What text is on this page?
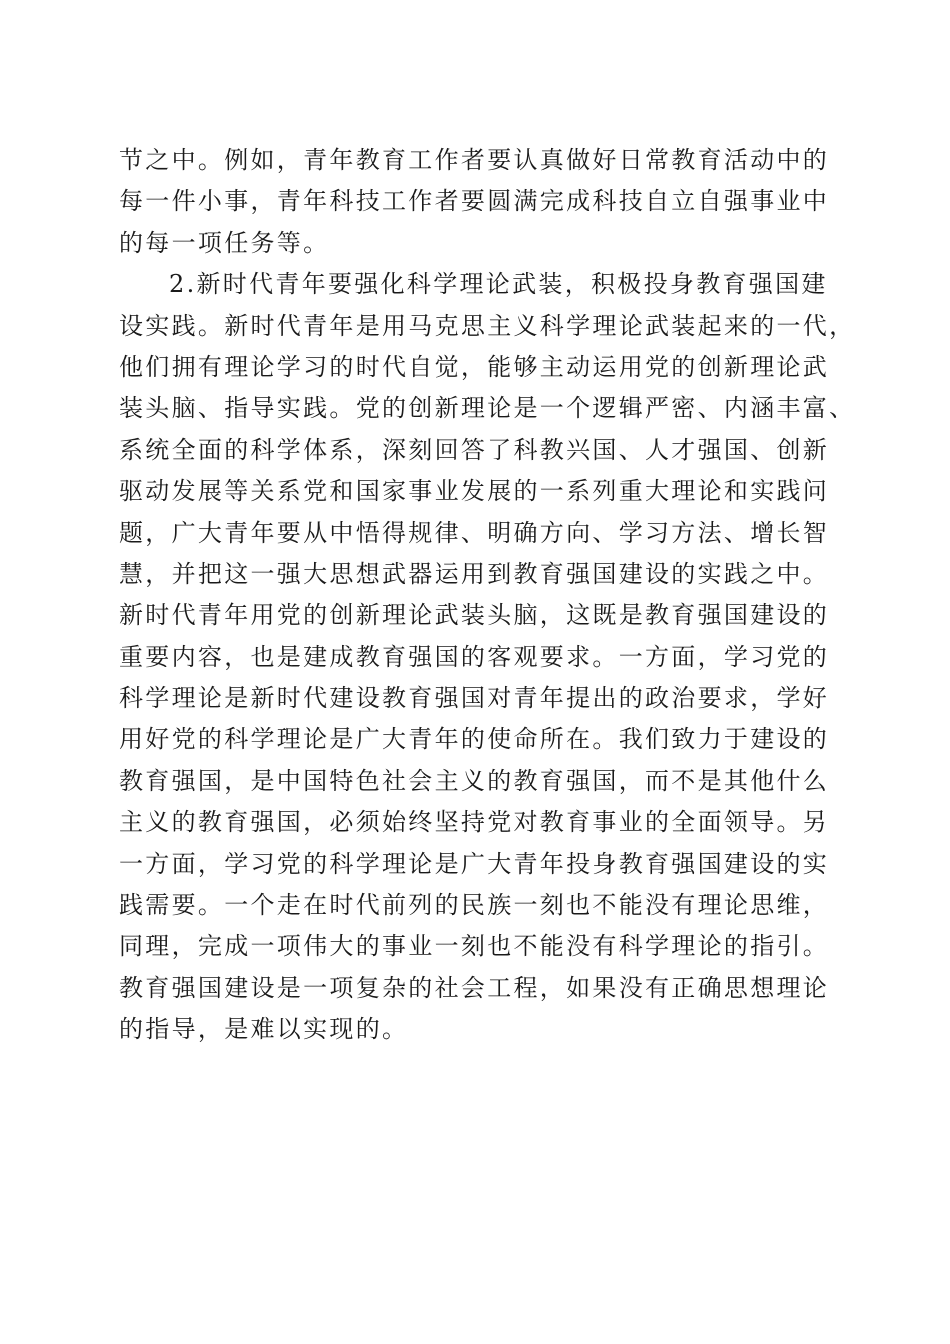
节之中。例如，青年教育工作者要认真做好日常教育活动中的
每一件小事，青年科技工作者要圆满完成科技自立自强事业中
的每一项任务等。
2.新时代青年要强化科学理论武装，积极投身教育强国建
设实践。新时代青年是用马克思主义科学理论武装起来的一代，
他们拥有理论学习的时代自觉，能够主动运用党的创新理论武
装头脑、指导实践。党的创新理论是一个逻辑严密、内涵丰富、
系统全面的科学体系，深刻回答了科教兴国、人才强国、创新
驱动发展等关系党和国家事业发展的一系列重大理论和实践问
题，广大青年要从中悟得规律、明确方向、学习方法、增长智
慧，并把这一强大思想武器运用到教育强国建设的实践之中。
新时代青年用党的创新理论武装头脑，这既是教育强国建设的
重要内容，也是建成教育强国的客观要求。一方面，学习党的
科学理论是新时代建设教育强国对青年提出的政治要求，学好
用好党的科学理论是广大青年的使命所在。我们致力于建设的
教育强国，是中国特色社会主义的教育强国，而不是其他什么
主义的教育强国，必须始终坚持党对教育事业的全面领导。另
一方面，学习党的科学理论是广大青年投身教育强国建设的实
践需要。一个走在时代前列的民族一刻也不能没有理论思维，
同理，完成一项伟大的事业一刻也不能没有科学理论的指引。
教育强国建设是一项复杂的社会工程，如果没有正确思想理论
的指导，是难以实现的。
